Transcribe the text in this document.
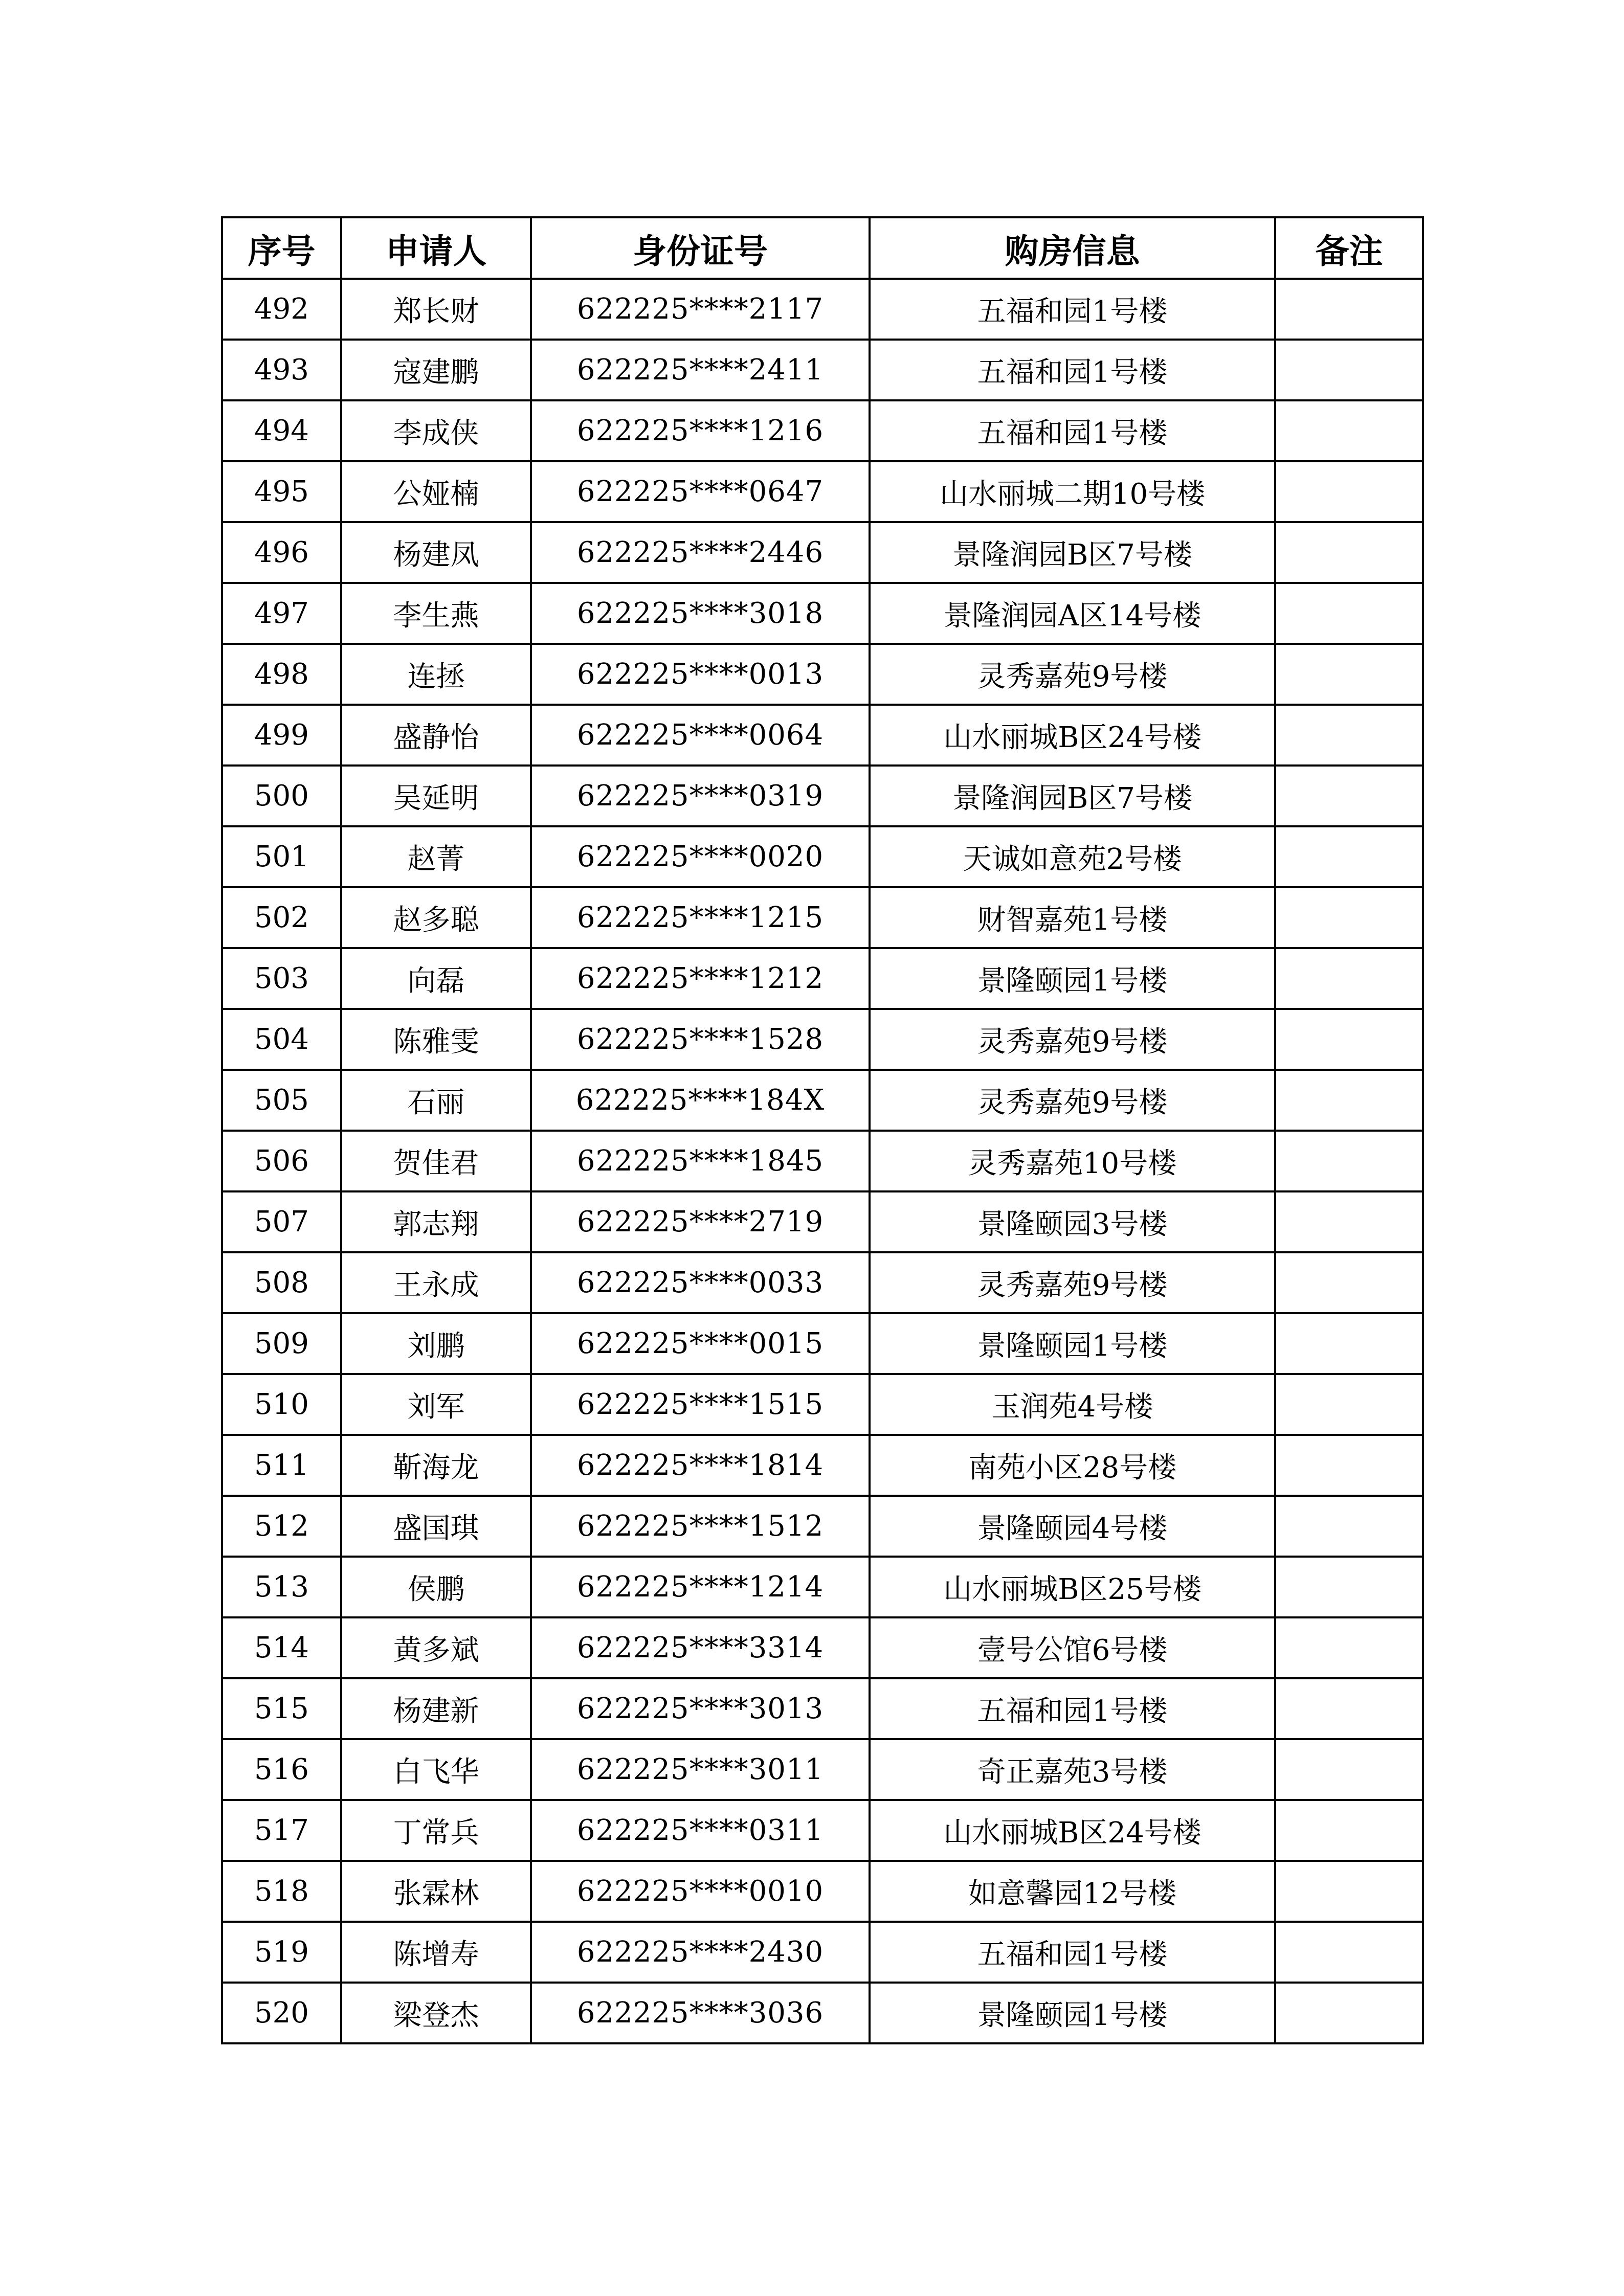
序号	申请人	身份证号	购房信息	备注
492	郑长财	622225****2117	五福和园1号楼	
493	寇建鹏	622225****2411	五福和园1号楼	
494	李成侠	622225****1216	五福和园1号楼	
495	公娅楠	622225****0647	山水丽城二期10号楼	
496	杨建凤	622225****2446	景隆润园B区7号楼	
497	李生燕	622225****3018	景隆润园A区14号楼	
498	连拯	622225****0013	灵秀嘉苑9号楼	
499	盛静怡	622225****0064	山水丽城B区24号楼	
500	吴延明	622225****0319	景隆润园B区7号楼	
501	赵菁	622225****0020	天诚如意苑2号楼	
502	赵多聪	622225****1215	财智嘉苑1号楼	
503	向磊	622225****1212	景隆颐园1号楼	
504	陈雅雯	622225****1528	灵秀嘉苑9号楼	
505	石丽	622225****184X	灵秀嘉苑9号楼	
506	贺佳君	622225****1845	灵秀嘉苑10号楼	
507	郭志翔	622225****2719	景隆颐园3号楼	
508	王永成	622225****0033	灵秀嘉苑9号楼	
509	刘鹏	622225****0015	景隆颐园1号楼	
510	刘军	622225****1515	玉润苑4号楼	
511	靳海龙	622225****1814	南苑小区28号楼	
512	盛国琪	622225****1512	景隆颐园4号楼	
513	侯鹏	622225****1214	山水丽城B区25号楼	
514	黄多斌	622225****3314	壹号公馆6号楼	
515	杨建新	622225****3013	五福和园1号楼	
516	白飞华	622225****3011	奇正嘉苑3号楼	
517	丁常兵	622225****0311	山水丽城B区24号楼	
518	张霖林	622225****0010	如意馨园12号楼	
519	陈增寿	622225****2430	五福和园1号楼	
520	梁登杰	622225****3036	景隆颐园1号楼	
